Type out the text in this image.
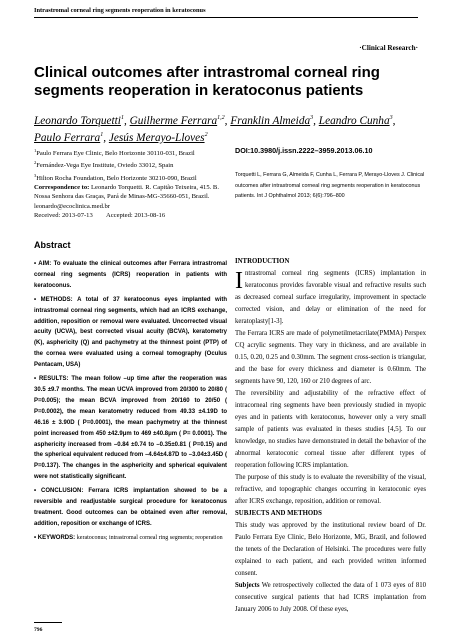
Intrastromal corneal ring segments reoperation in keratoconus
·Clinical Research·
Clinical outcomes after intrastromal corneal ring segments reoperation in keratoconus patients
Leonardo Torquetti$^1$, Guilherme Ferrara$^{1,2}$, Franklin Almeida$^3$, Leandro Cunha$^3$, Paulo Ferrara$^1$, Jesús Merayo-Lloves$^2$

$^1$Paulo Ferrara Eye Clinic, Belo Horizonte 30110-031, Brazil

$^2$Fernández-Vega Eye Institute, Oviedo 33012, Spain

$^3$Hilton Rocha Foundation, Belo Horizonte 30210-090, Brazil

Correspondence to: Leonardo Torquetti. R. Capitão Teixeira, 415. B. Nossa Senhora das Graças, Pará de Minas-MG-35660-051, Brazil. leonardo@ecoclinica.med.br

Received: 2013-07-13 Accepted: 2013-08-16

DOI:10.3980/j.issn.2222–3959.2013.06.10
Torquetti L, Ferrara G, Almeida F, Cunha L, Ferrara P, Merayo-Lloves J. Clinical outcomes after intrastromal corneal ring segments reoperation in keratoconus patients. Int J Ophthalmol 2013; 6(6):796–800
Abstract

• AIM: To evaluate the clinical outcomes after Ferrara intrastromal corneal ring segments (ICRS) reoperation in patients with keratoconus.

• METHODS: A total of 37 keratoconus eyes implanted with intrastromal corneal ring segments, which had an ICRS exchange, addition, reposition or removal were evaluated. Uncorrected visual acuity (UCVA), best corrected visual acuity (BCVA), keratometry (K), asphericity (Q) and pachymetry at the thinnest point (PTP) of the cornea were evaluated using a corneal tomography (Oculus Pentacam, USA)

• RESULTS: The mean follow –up time after the reoperation was 30.5 ±9.7 months. The mean UCVA improved from 20/300 to 20/80 ( P=0.005); the mean BCVA improved from 20/160 to 20/50 ( P=0.0002), the mean keratometry reduced from 49.33 ±4.19D to 46.16 ± 3.90D ( P=0.0001), the mean pachymetry at the thinnest point increased from 450 ±42.9μm to 469 ±40.8μm ( P= 0.0001). The asphericity increased from –0.84 ±0.74 to –0.35±0.81 ( P=0.15) and the spherical equivalent reduced from –4.64±4.87D to –3.04±3.45D ( P=0.137). The changes in the asphericity and spherical equivalent were not statistically significant.

• CONCLUSION: Ferrara ICRS implantation showed to be a reversible and readjustable surgical procedure for keratoconus treatment. Good outcomes can be obtained even after removal, addition, reposition or exchange of ICRS.

• KEYWORDS: keratoconus; intrastromal corneal ring segments; reoperation

INTRODUCTION

Intrastromal corneal ring segments (ICRS) implantation in keratoconus provides favorable visual and refractive results such as decreased corneal surface irregularity, improvement in spectacle corrected vision, and delay or elimination of the need for keratoplasty[1-3].

The Ferrara ICRS are made of polymetilmetacrilate(PMMA) Perspex CQ acrylic segments. They vary in thickness, and are available in 0.15, 0.20, 0.25 and 0.30mm. The segment cross-section is triangular, and the base for every thickness and diameter is 0.60mm. The segments have 90, 120, 160 or 210 degrees of arc.

The reversibility and adjustability of the refractive effect of intracorneal ring segments have been previously studied in myopic eyes and in patients with keratoconus, however only a very small sample of patients was evaluated in theses studies [4,5]. To our knowledge, no studies have demonstrated in detail the behavior of the abnormal keratoconic corneal tissue after different types of reoperation following ICRS implantation.

The purpose of this study is to evaluate the reversibility of the visual, refractive, and topographic changes occurring in keratoconic eyes after ICRS exchange, reposition, addition or removal.

SUBJECTS AND METHODS

This study was approved by the institutional review board of Dr. Paulo Ferrara Eye Clinic, Belo Horizonte, MG, Brazil, and followed the tenets of the Declaration of Helsinki. The procedures were fully explained to each patient, and each provided written informed consent.

Subjects We retrospectively collected the data of 1 073 eyes of 810 consecutive surgical patients that had ICRS implantation from January 2006 to July 2008. Of these eyes,

796
